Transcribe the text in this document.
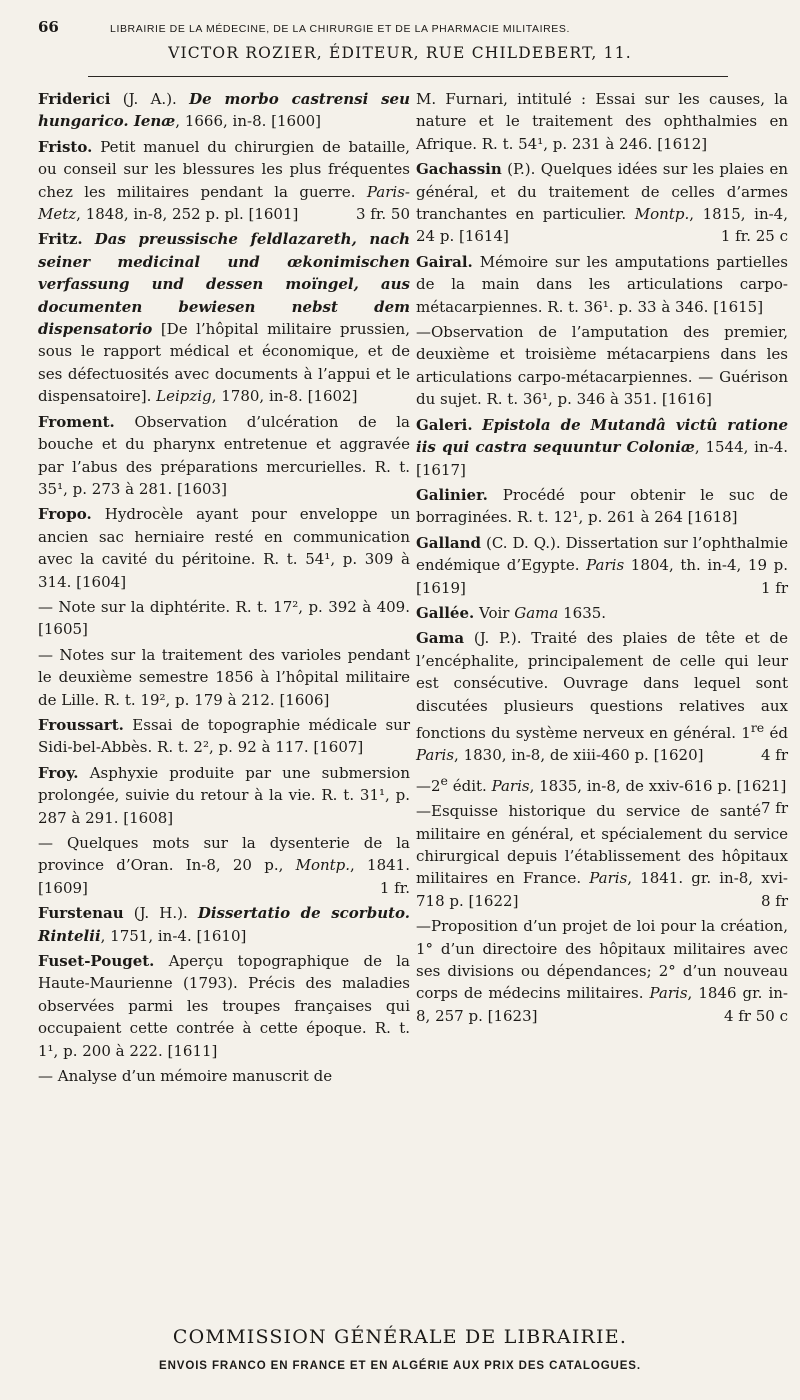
66	LIBRAIRIE DE LA MÉDECINE, DE LA CHIRURGIE ET DE LA PHARMACIE MILITAIRES.
VICTOR ROZIER, ÉDITEUR, RUE CHILDEBERT, 11.

Friderici (J. A.). De morbo castrensi seu hungarico. Ienæ, 1666, in-8. [1600]

Fristo. Petit manuel du chirurgien de bataille, ou conseil sur les blessures les plus fréquentes chez les militaires pendant la guerre. Paris-Metz, 1848, in-8, 252 p. pl. [1601]	3 fr. 50

Fritz. Das preussische feldlazareth, nach seiner medicinal und œkonimischen verfassung und dessen moïngel, aus documenten bewiesen nebst dem dispensatorio [De l’hôpital militaire prussien, sous le rapport médical et économique, et de ses défectuosités avec documents à l’appui et le dispensatoire]. Leipzig, 1780, in-8. [1602]

Froment. Observation d’ulcération de la bouche et du pharynx entretenue et aggravée par l’abus des préparations mercurielles. R. t. 35¹, p. 273 à 281. [1603]

Fropo. Hydrocèle ayant pour enveloppe un ancien sac herniaire resté en communication avec la cavité du péritoine. R. t. 54¹, p. 309 à 314. [1604]

— Note sur la diphtérite. R. t. 17², p. 392 à 409. [1605]

— Notes sur la traitement des varioles pendant le deuxième semestre 1856 à l’hôpital militaire de Lille. R. t. 19², p. 179 à 212. [1606]

Froussart. Essai de topographie médicale sur Sidi-bel-Abbès. R. t. 2², p. 92 à 117. [1607]

Froy. Asphyxie produite par une submersion prolongée, suivie du retour à la vie. R. t. 31¹, p. 287 à 291. [1608]

— Quelques mots sur la dysenterie de la province d’Oran. In-8, 20 p., Montp., 1841. [1609]	1 fr.

Furstenau (J. H.). Dissertatio de scorbuto. Rintelii, 1751, in-4. [1610]

Fuset-Pouget. Aperçu topographique de la Haute-Maurienne (1793). Précis des maladies observées parmi les troupes françaises qui occupaient cette contrée à cette époque. R. t. 1¹, p. 200 à 222. [1611]

— Analyse d’un mémoire manuscrit de

M. Furnari, intitulé : Essai sur les causes, la nature et le traitement des ophthalmies en Afrique. R. t. 54¹, p. 231 à 246. [1612]

Gachassin (P.). Quelques idées sur les plaies en général, et du traitement de celles d’armes tranchantes en particulier. Montp., 1815, in-4, 24 p. [1614]	1 fr. 25 c

Gairal. Mémoire sur les amputations partielles de la main dans les articulations carpo-métacarpiennes. R. t. 36¹. p. 33 à 346. [1615]

—Observation de l’amputation des premier, deuxième et troisième métacarpiens dans les articulations carpo-métacarpiennes. — Guérison du sujet. R. t. 36¹, p. 346 à 351. [1616]

Galeri. Epistola de Mutandâ victû ratione iis qui castra sequuntur Coloniæ, 1544, in-4. [1617]

Galinier. Procédé pour obtenir le suc de borraginées. R. t. 12¹, p. 261 à 264 [1618]

Galland (C. D. Q.). Dissertation sur l’ophthalmie endémique d’Egypte. Paris 1804, th. in-4, 19 p. [1619]	1 fr

Gallée. Voir Gama 1635.

Gama (J. P.). Traité des plaies de tête et de l’encéphalite, principalement de celle qui leur est consécutive. Ouvrage dans lequel sont discutées plusieurs questions relatives aux fonctions du système nerveux en général. 1re éd Paris, 1830, in-8, de xiii-460 p. [1620]	4 fr

—2e édit. Paris, 1835, in-8, de xxiv-616 p. [1621]
7 fr

—Esquisse historique du service de santé militaire en général, et spécialement du service chirurgical depuis l’établissement des hôpitaux militaires en France. Paris, 1841. gr. in-8, xvi-718 p. [1622]	8 fr

—Proposition d’un projet de loi pour la création, 1° d’un directoire des hôpitaux militaires avec ses divisions ou dépendances; 2° d’un nouveau corps de médecins militaires. Paris, 1846 gr. in-8, 257 p. [1623]	4 fr 50 c

COMMISSION GÉNÉRALE DE LIBRAIRIE.
ENVOIS FRANCO EN FRANCE ET EN ALGÉRIE AUX PRIX DES CATALOGUES.
